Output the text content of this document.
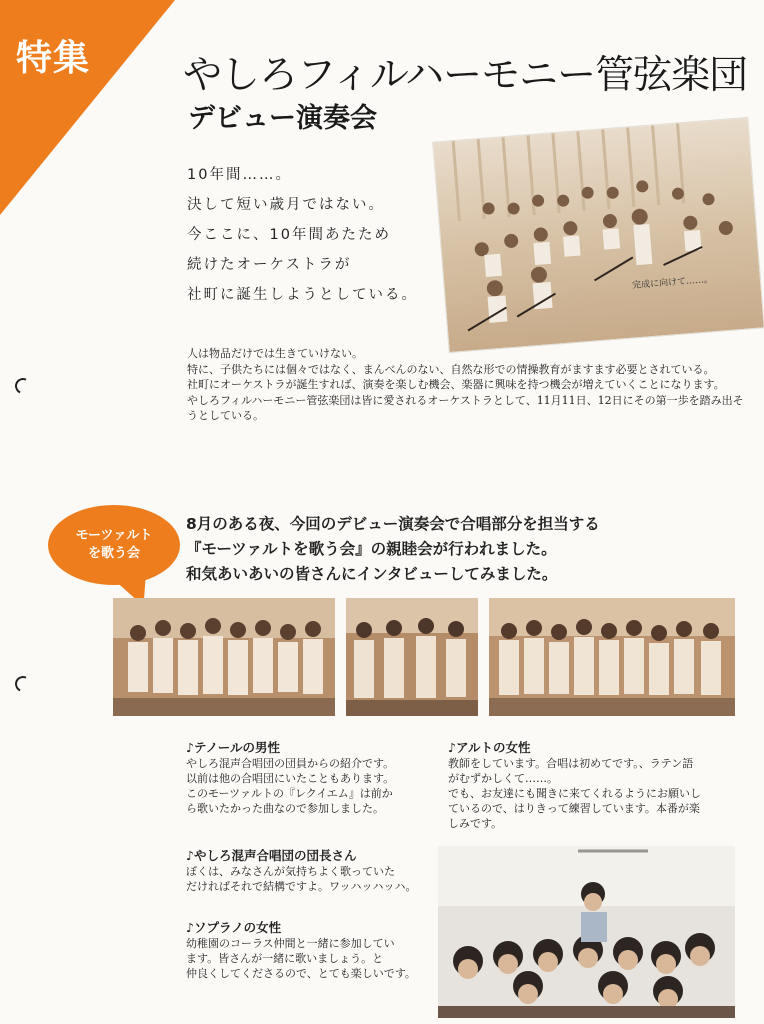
特集 やしろフィルハーモニー管弦楽団
デビュー演奏会
10年間……。
決して短い歳月ではない。
今ここに、10年間あたため
続けたオーケストラが
社町に誕生しようとしている。
完成に向けて……。

人は物品だけでは生きていけない。

特に、子供たちには個々ではなく、まんべんのない、自然な形での情操教育がますます必要とされている。

社町にオーケストラが誕生すれば、演奏を楽しむ機会、楽器に興味を持つ機会が増えていくことになります。

やしろフィルハーモニー管弦楽団は皆に愛されるオーケストラとして、11月11日、12日にその第一歩を踏み出そうとしている。

モーツァルト
を歌う会
8月のある夜、今回のデビュー演奏会で合唱部分を担当する
『モーツァルトを歌う会』の親睦会が行われました。
和気あいあいの皆さんにインタビューしてみました。
♪テノールの男性
やしろ混声合唱団の団員からの紹介です。
以前は他の合唱団にいたこともあります。
このモーツァルトの『レクイエム』は前か
ら歌いたかった曲なので参加しました。
♪アルトの女性
教師をしています。合唱は初めてです。、ラテン語
がむずかしくて……。
でも、お友達にも聞きに来てくれるようにお願いし
ているので、はりきって練習しています。本番が楽
しみです。
♪やしろ混声合唱団の団長さん
ぼくは、みなさんが気持ちよく歌っていた
だければそれで結構ですよ。ワッハッハッハ。
♪ソプラノの女性
幼稚園のコーラス仲間と一緒に参加してい
ます。皆さんが一緒に歌いましょう。と
仲良くしてくださるので、とても楽しいです。
